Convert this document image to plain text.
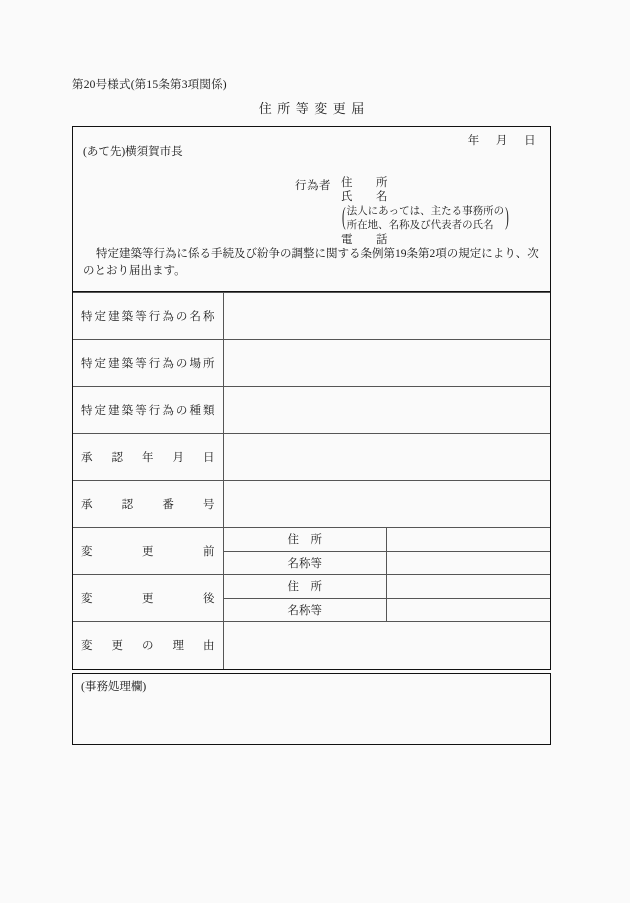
第20号様式(第15条第3項関係)
住所等変更届
年 月 日
(あて先)横須賀市長
行為者 住　所
氏　名
( 法人にあっては、主たる事務所の
所在地、名称及び代表者の氏名	)
電　話
特定建築等行為に係る手続及び紛争の調整に関する条例第19条第2項の規定により、次のとおり届出ます。
特定建築等行為の名称		

特定建築等行為の場所		

特定建築等行為の種類		

承認年月日		

承認番号		

変更前	住　所	

	名称等	

変更後	住　所	

	名称等	

変更の理由		

(事務処理欄)
